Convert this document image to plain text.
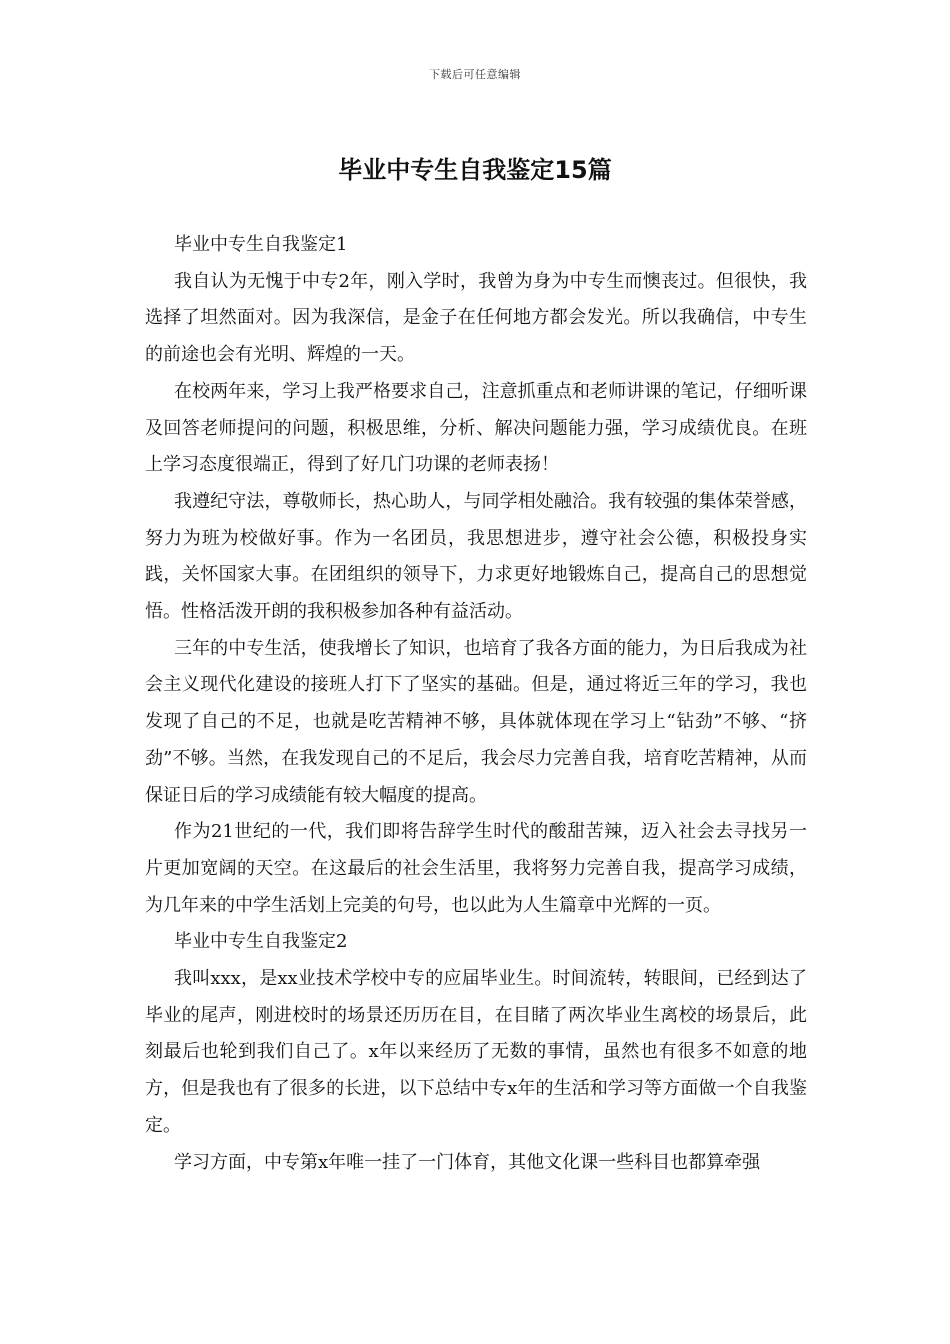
下载后可任意编辑
毕业中专生自我鉴定15篇

毕业中专生自我鉴定1

我自认为无愧于中专2年，刚入学时，我曾为身为中专生而懊丧过。但很快，我选择了坦然面对。因为我深信，是金子在任何地方都会发光。所以我确信，中专生的前途也会有光明、辉煌的一天。

在校两年来，学习上我严格要求自己，注意抓重点和老师讲课的笔记，仔细听课及回答老师提问的问题，积极思维，分析、解决问题能力强，学习成绩优良。在班上学习态度很端正，得到了好几门功课的老师表扬！

我遵纪守法，尊敬师长，热心助人，与同学相处融洽。我有较强的集体荣誉感，努力为班为校做好事。作为一名团员，我思想进步，遵守社会公德，积极投身实践，关怀国家大事。在团组织的领导下，力求更好地锻炼自己，提高自己的思想觉悟。性格活泼开朗的我积极参加各种有益活动。

三年的中专生活，使我增长了知识，也培育了我各方面的能力，为日后我成为社会主义现代化建设的接班人打下了坚实的基础。但是，通过将近三年的学习，我也发现了自己的不足，也就是吃苦精神不够，具体就体现在学习上“钻劲”不够、“挤劲”不够。当然，在我发现自己的不足后，我会尽力完善自我，培育吃苦精神，从而保证日后的学习成绩能有较大幅度的提高。

作为21世纪的一代，我们即将告辞学生时代的酸甜苦辣，迈入社会去寻找另一片更加宽阔的天空。在这最后的社会生活里，我将努力完善自我，提高学习成绩，为几年来的中学生活划上完美的句号，也以此为人生篇章中光辉的一页。

毕业中专生自我鉴定2

我叫xxx，是xx业技术学校中专的应届毕业生。时间流转，转眼间，已经到达了毕业的尾声，刚进校时的场景还历历在目，在目睹了两次毕业生离校的场景后，此刻最后也轮到我们自己了。x年以来经历了无数的事情，虽然也有很多不如意的地方，但是我也有了很多的长进，以下总结中专x年的生活和学习等方面做一个自我鉴定。

学习方面，中专第x年唯一挂了一门体育，其他文化课一些科目也都算牵强
